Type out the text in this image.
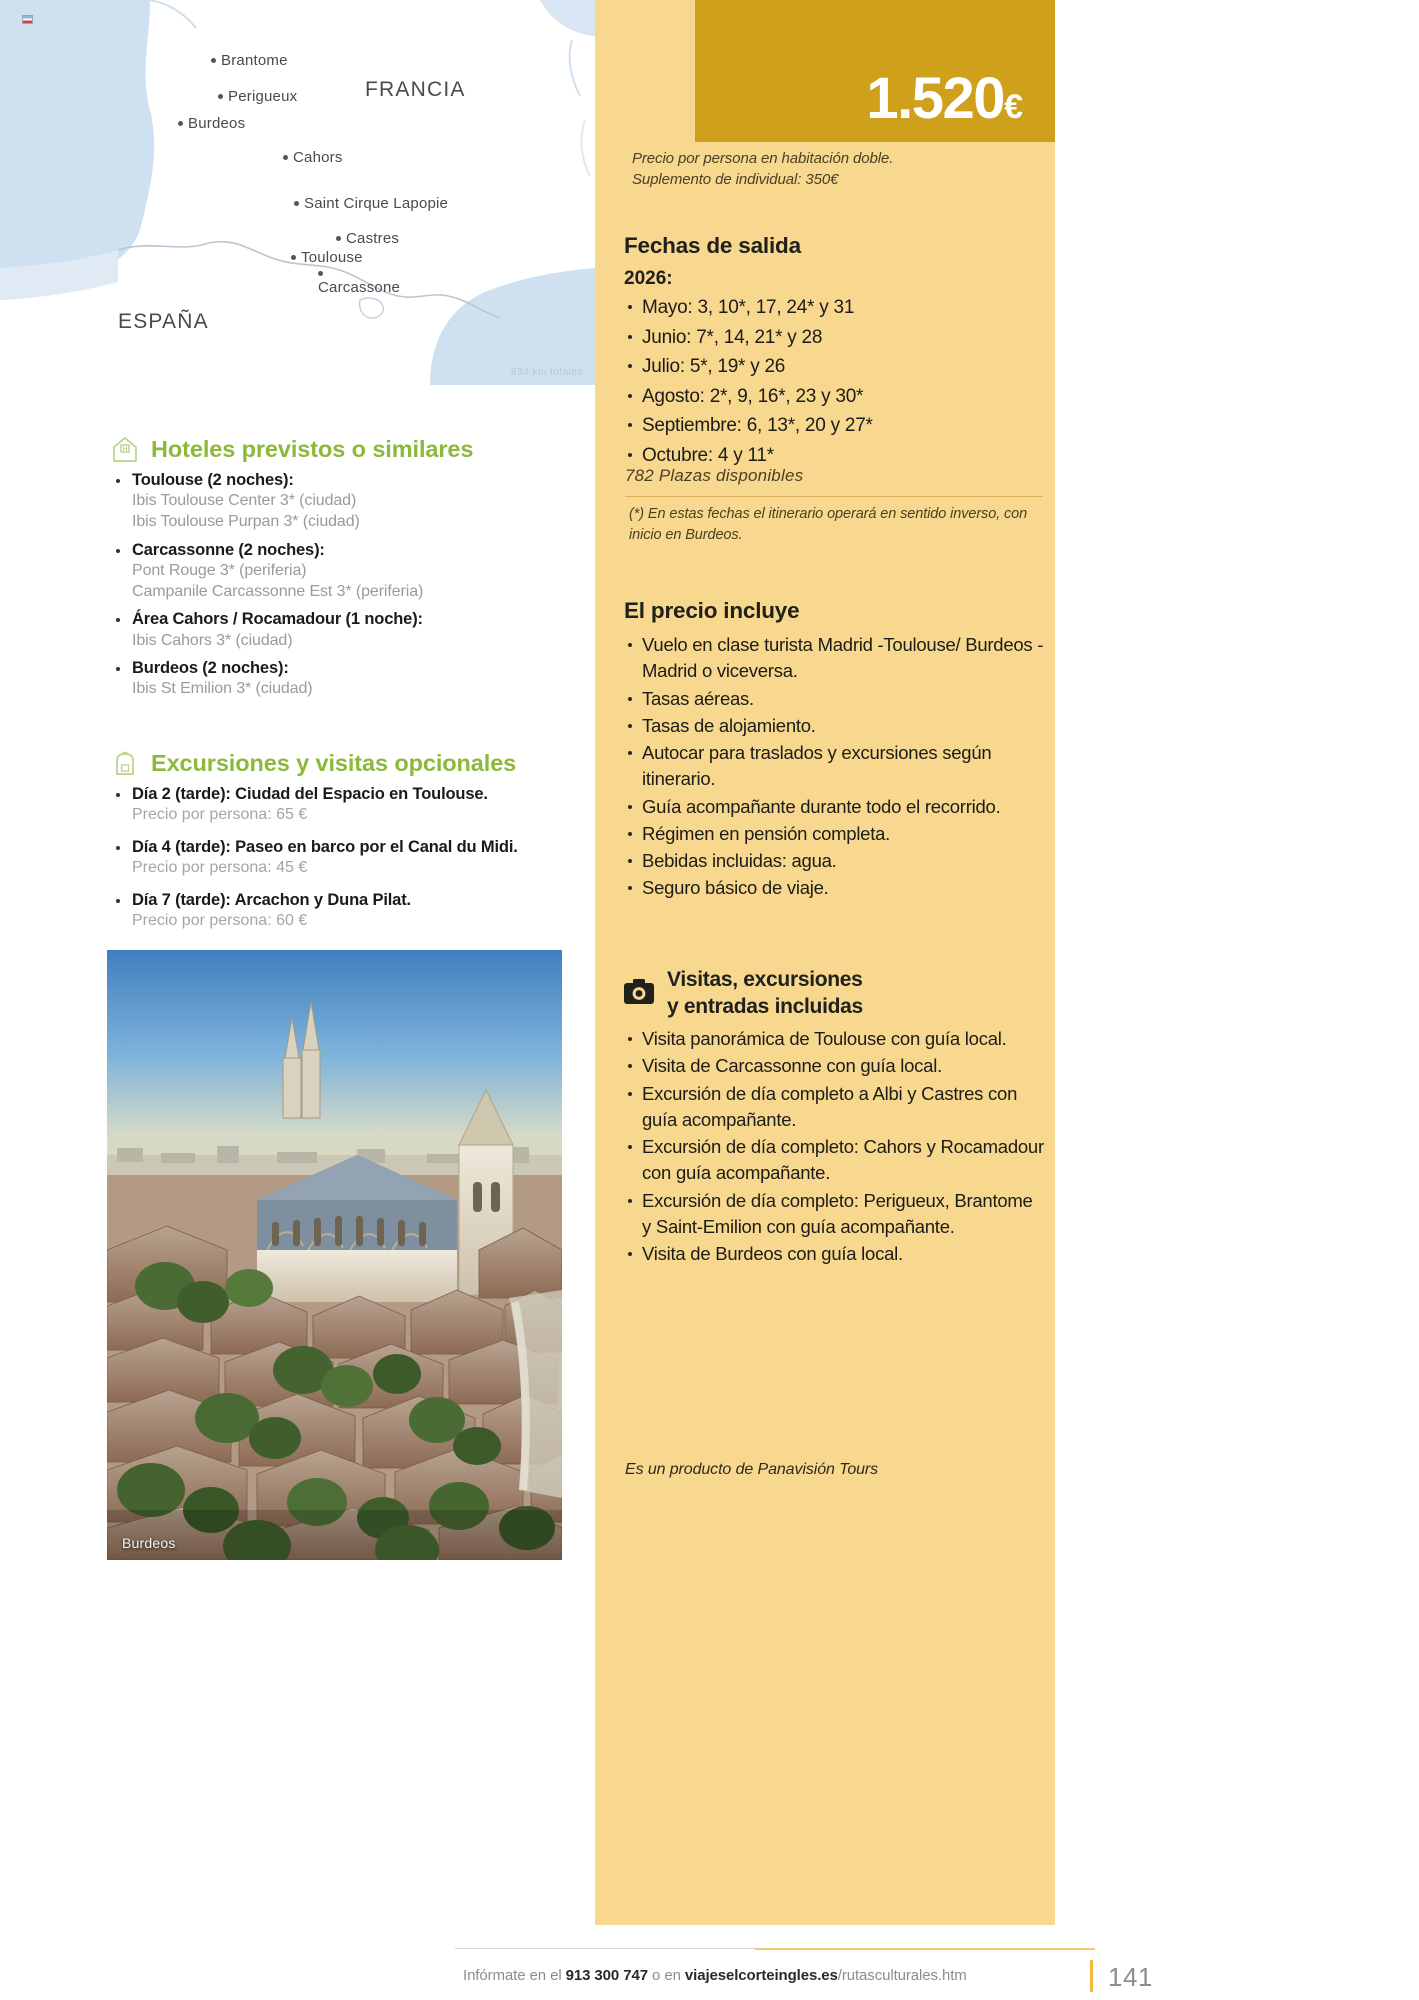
FRANCIA
ESPAÑA
Brantome
Perigueux
Burdeos
Cahors
Saint Cirque Lapopie
Castres
Toulouse
Carcassone
834 km totales
H Hoteles previstos o similares
Toulouse (2 noches):
Ibis Toulouse Center 3* (ciudad)
Ibis Toulouse Purpan 3* (ciudad)
Carcassonne (2 noches):
Pont Rouge 3* (periferia)
Campanile Carcassonne Est 3* (periferia)
Área Cahors / Rocamadour (1 noche):
Ibis Cahors 3* (ciudad)
Burdeos (2 noches):
Ibis St Emilion 3* (ciudad)
Excursiones y visitas opcionales
Día 2 (tarde): Ciudad del Espacio en Toulouse.
Precio por persona: 65 €
Día 4 (tarde): Paseo en barco por el Canal du Midi.
Precio por persona: 45 €
Día 7 (tarde): Arcachon y Duna Pilat.
Precio por persona: 60 €
Burdeos
1.520€
Precio por persona en habitación doble.
Suplemento de individual: 350€
Fechas de salida
2026:
Mayo: 3, 10*, 17, 24* y 31
Junio: 7*, 14, 21* y 28
Julio: 5*, 19* y 26
Agosto: 2*, 9, 16*, 23 y 30*
Septiembre: 6, 13*, 20 y 27*
Octubre: 4 y 11*
782 Plazas disponibles
(*) En estas fechas el itinerario operará en sentido inverso, con inicio en Burdeos.
El precio incluye
Vuelo en clase turista Madrid -Toulouse/ Burdeos - Madrid o viceversa.
Tasas aéreas.
Tasas de alojamiento.
Autocar para traslados y excursiones según itinerario.
Guía acompañante durante todo el recorrido.
Régimen en pensión completa.
Bebidas incluidas: agua.
Seguro básico de viaje.
Visitas, excursiones
y entradas incluidas
Visita panorámica de Toulouse con guía local.
Visita de Carcassonne con guía local.
Excursión de día completo a Albi y Castres con guía acompañante.
Excursión de día completo: Cahors y Rocamadour con guía acompañante.
Excursión de día completo: Perigueux, Brantome y Saint-Emilion con guía acompañante.
Visita de Burdeos con guía local.
Es un producto de Panavisión Tours
Infórmate en el 913 300 747 o en viajeselcorteingles.es/rutasculturales.htm	141
